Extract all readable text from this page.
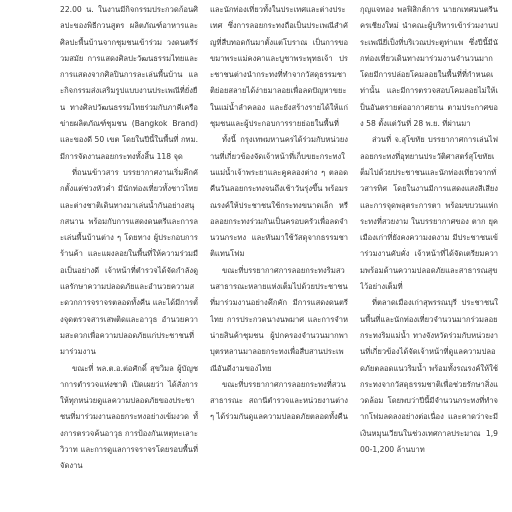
22.00 น. ในงานมีกิจกรรมประกวดก้อนศิลปะของพิธีกวนสูตร ผลิตภัณฑ์อาหารและศิลปะพื้นบ้านจากชุมชนเข้าร่วม วงดนตรีร่วมสมัย การแสดงศิลปะวัฒนธรรมไทยและการแสดงจากศิลปินการละเล่นพื้นบ้าน และกิจกรรมส่งเสริมรูปแบบงานประเพณีที่ยั่งยืน ทางศิลปวัฒนธรรมไทยร่วมกับภาคีเครือข่ายผลิตภัณฑ์ชุมชน (Bangkok Brand) และของดี 50 เขต โดยในปีนี้ในพื้นที่ กทม. มีการจัดงานลอยกระทงทั้งสิ้น 118 จุด

ที่ถนนข้าวสาร บรรยากาศงานเริ่มคึกคักตั้งแต่ช่วงหัวค่ำ มีนักท่องเที่ยวทั้งชาวไทยและต่างชาติเดินทางมาเล่นน้ำกันอย่างสนุกสนาน พร้อมกับการแสดงดนตรีและการละเล่นพื้นบ้านต่าง ๆ โดยทาง ผู้ประกอบการ ร้านค้า และแผงลอยในพื้นที่ให้ความร่วมมือเป็นอย่างดี เจ้าหน้าที่ตำรวจได้จัดกำลังดูแลรักษาความปลอดภัยและอำนวยความสะดวกการจราจรตลอดทั้งคืน และได้มีการตั้งจุดตรวจสารเสพติดและอาวุธ อำนวยความสะดวกเพื่อความปลอดภัยแก่ประชาชนที่มาร่วมงาน

ขณะที่ พล.ต.อ.ต่อศักดิ์ สุขวิมล ผู้บัญชาการตำรวจแห่งชาติ เปิดเผยว่า ได้สั่งการให้ทุกหน่วยดูแลความปลอดภัยของประชาชนที่มาร่วมงานลอยกระทงอย่างเข้มงวด ทั้งการตรวจค้นอาวุธ การป้องกันเหตุทะเลาะวิวาท และการดูแลการจราจรโดยรอบพื้นที่จัดงาน

และนักท่องเที่ยวทั้งในประเทศและต่างประเทศ ซึ่งการลอยกระทงถือเป็นประเพณีสำคัญที่สืบทอดกันมาตั้งแต่โบราณ เป็นการขอขมาพระแม่คงคาและบูชาพระพุทธเจ้า ประชาชนต่างนำกระทงที่ทำจากวัสดุธรรมชาติย่อยสลายได้ง่ายมาลอยเพื่อลดปัญหาขยะในแม่น้ำลำคลอง และยังสร้างรายได้ให้แก่ชุมชนและผู้ประกอบการรายย่อยในพื้นที่

ทั้งนี้ กรุงเทพมหานครได้ร่วมกับหน่วยงานที่เกี่ยวข้องจัดเจ้าหน้าที่เก็บขยะกระทงในแม่น้ำเจ้าพระยาและคูคลองต่าง ๆ ตลอดคืนวันลอยกระทงจนถึงเช้าวันรุ่งขึ้น พร้อมรณรงค์ให้ประชาชนใช้กระทงขนาดเล็ก หรือลอยกระทงร่วมกันเป็นครอบครัวเพื่อลดจำนวนกระทง และหันมาใช้วัสดุจากธรรมชาติแทนโฟม

ขณะที่บรรยากาศการลอยกระทงริมสวนสาธารณะหลายแห่งเต็มไปด้วยประชาชนที่มาร่วมงานอย่างคึกคัก มีการแสดงดนตรีไทย การประกวดนางนพมาศ และการจำหน่ายสินค้าชุมชน ผู้ปกครองจำนวนมากพาบุตรหลานมาลอยกระทงเพื่อสืบสานประเพณีอันดีงามของไทย

ขณะที่บรรยากาศการลอยกระทงที่สวนสาธารณะ สถานีตำรวจและหน่วยงานต่าง ๆ ได้ร่วมกันดูแลความปลอดภัยตลอดทั้งคืน

กุญแจทอง พลฟิสิกส์การ นายกเทศมนตรีนครเชียงใหม่ นำคณะผู้บริหารเข้าร่วมงานประเพณียี่เป็งที่บริเวณประตูท่าแพ ซึ่งปีนี้มีนักท่องเที่ยวเดินทางมาร่วมงานจำนวนมาก โดยมีการปล่อยโคมลอยในพื้นที่ที่กำหนดเท่านั้น และมีการตรวจสอบโคมลอยไม่ให้เป็นอันตรายต่ออากาศยาน ตามประกาศของ 58 ตั้งแต่วันที่ 28 พ.ย. ที่ผ่านมา

ส่วนที่ จ.สุโขทัย บรรยากาศการเล่นไฟลอยกระทงที่อุทยานประวัติศาสตร์สุโขทัยเต็มไปด้วยประชาชนและนักท่องเที่ยวจากทั่วสารทิศ โดยในงานมีการแสดงแสงสีเสียงและการจุดพลุตระการตา พร้อมขบวนแห่กระทงที่สวยงาม ในบรรยากาศของ ตาก ยุคเมืองเก่าที่ยังคงความงดงาม มีประชาชนเข้าร่วมงานคับคั่ง เจ้าหน้าที่ได้จัดเตรียมความพร้อมด้านความปลอดภัยและสาธารณสุขไว้อย่างเต็มที่

ที่ตลาดเมืองเก่าสุพรรณบุรี ประชาชนในพื้นที่และนักท่องเที่ยวจำนวนมากร่วมลอยกระทงริมแม่น้ำ ทางจังหวัดร่วมกับหน่วยงานที่เกี่ยวข้องได้จัดเจ้าหน้าที่ดูแลความปลอดภัยตลอดแนวริมน้ำ พร้อมทั้งรณรงค์ให้ใช้กระทงจากวัสดุธรรมชาติเพื่อช่วยรักษาสิ่งแวดล้อม โดยพบว่าปีนี้มีจำนวนกระทงที่ทำจากโฟมลดลงอย่างต่อเนื่อง และคาดว่าจะมีเงินหมุนเวียนในช่วงเทศกาลประมาณ 1,900-1,200 ล้านบาท
